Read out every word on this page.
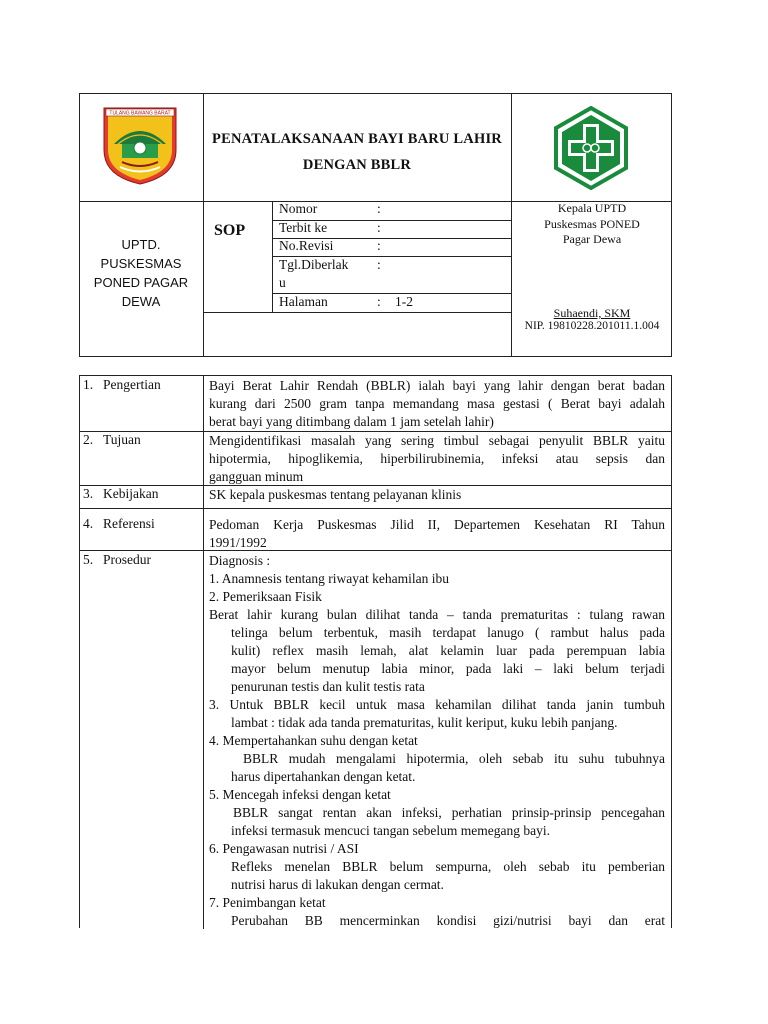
TULANG BAWANG BARAT
PENATALAKSANAAN BAYI BARU LAHIR
DENGAN BBLR
UPTD.
PUSKESMAS
PONED PAGAR
DEWA
SOP
Nomor	:
Terbit ke	:
No.Revisi	:
Tgl.Diberlak :
u
Halaman	: 1-2
Kepala UPTD
Puskesmas PONED
Pagar Dewa
Suhaendi, SKM
NIP. 19810228.201011.1.004
1. Pengertian	Bayi Berat Lahir Rendah (BBLR) ialah bayi yang lahir dengan berat badan
kurang dari 2500 gram tanpa memandang masa gestasi ( Berat bayi adalah
berat bayi yang ditimbang dalam 1 jam setelah lahir)
2. Tujuan	Mengidentifikasi masalah yang sering timbul sebagai penyulit BBLR yaitu
hipotermia, hipoglikemia, hiperbilirubinemia, infeksi atau sepsis dan
gangguan minum
3. Kebijakan	SK kepala puskesmas tentang pelayanan klinis
4. Referensi	Pedoman Kerja Puskesmas Jilid II, Departemen Kesehatan RI Tahun
1991/1992
5. Prosedur	Diagnosis :
1. Anamnesis tentang riwayat kehamilan ibu
2. Pemeriksaan Fisik
Berat lahir kurang bulan dilihat tanda – tanda prematuritas : tulang rawan
telinga belum terbentuk, masih terdapat lanugo ( rambut halus pada
kulit) reflex masih lemah, alat kelamin luar pada perempuan labia
mayor belum menutup labia minor, pada laki – laki belum terjadi
penurunan testis dan kulit testis rata
3. Untuk BBLR kecil untuk masa kehamilan dilihat tanda janin tumbuh
lambat : tidak ada tanda prematuritas, kulit keriput, kuku lebih panjang.
4. Mempertahankan suhu dengan ketat
BBLR mudah mengalami hipotermia, oleh sebab itu suhu tubuhnya
harus dipertahankan dengan ketat.
5. Mencegah infeksi dengan ketat
BBLR sangat rentan akan infeksi, perhatian prinsip-prinsip pencegahan
infeksi termasuk mencuci tangan sebelum memegang bayi.
6. Pengawasan nutrisi / ASI
Refleks menelan BBLR belum sempurna, oleh sebab itu pemberian
nutrisi harus di lakukan dengan cermat.
7. Penimbangan ketat
Perubahan BB mencerminkan kondisi gizi/nutrisi bayi dan erat
